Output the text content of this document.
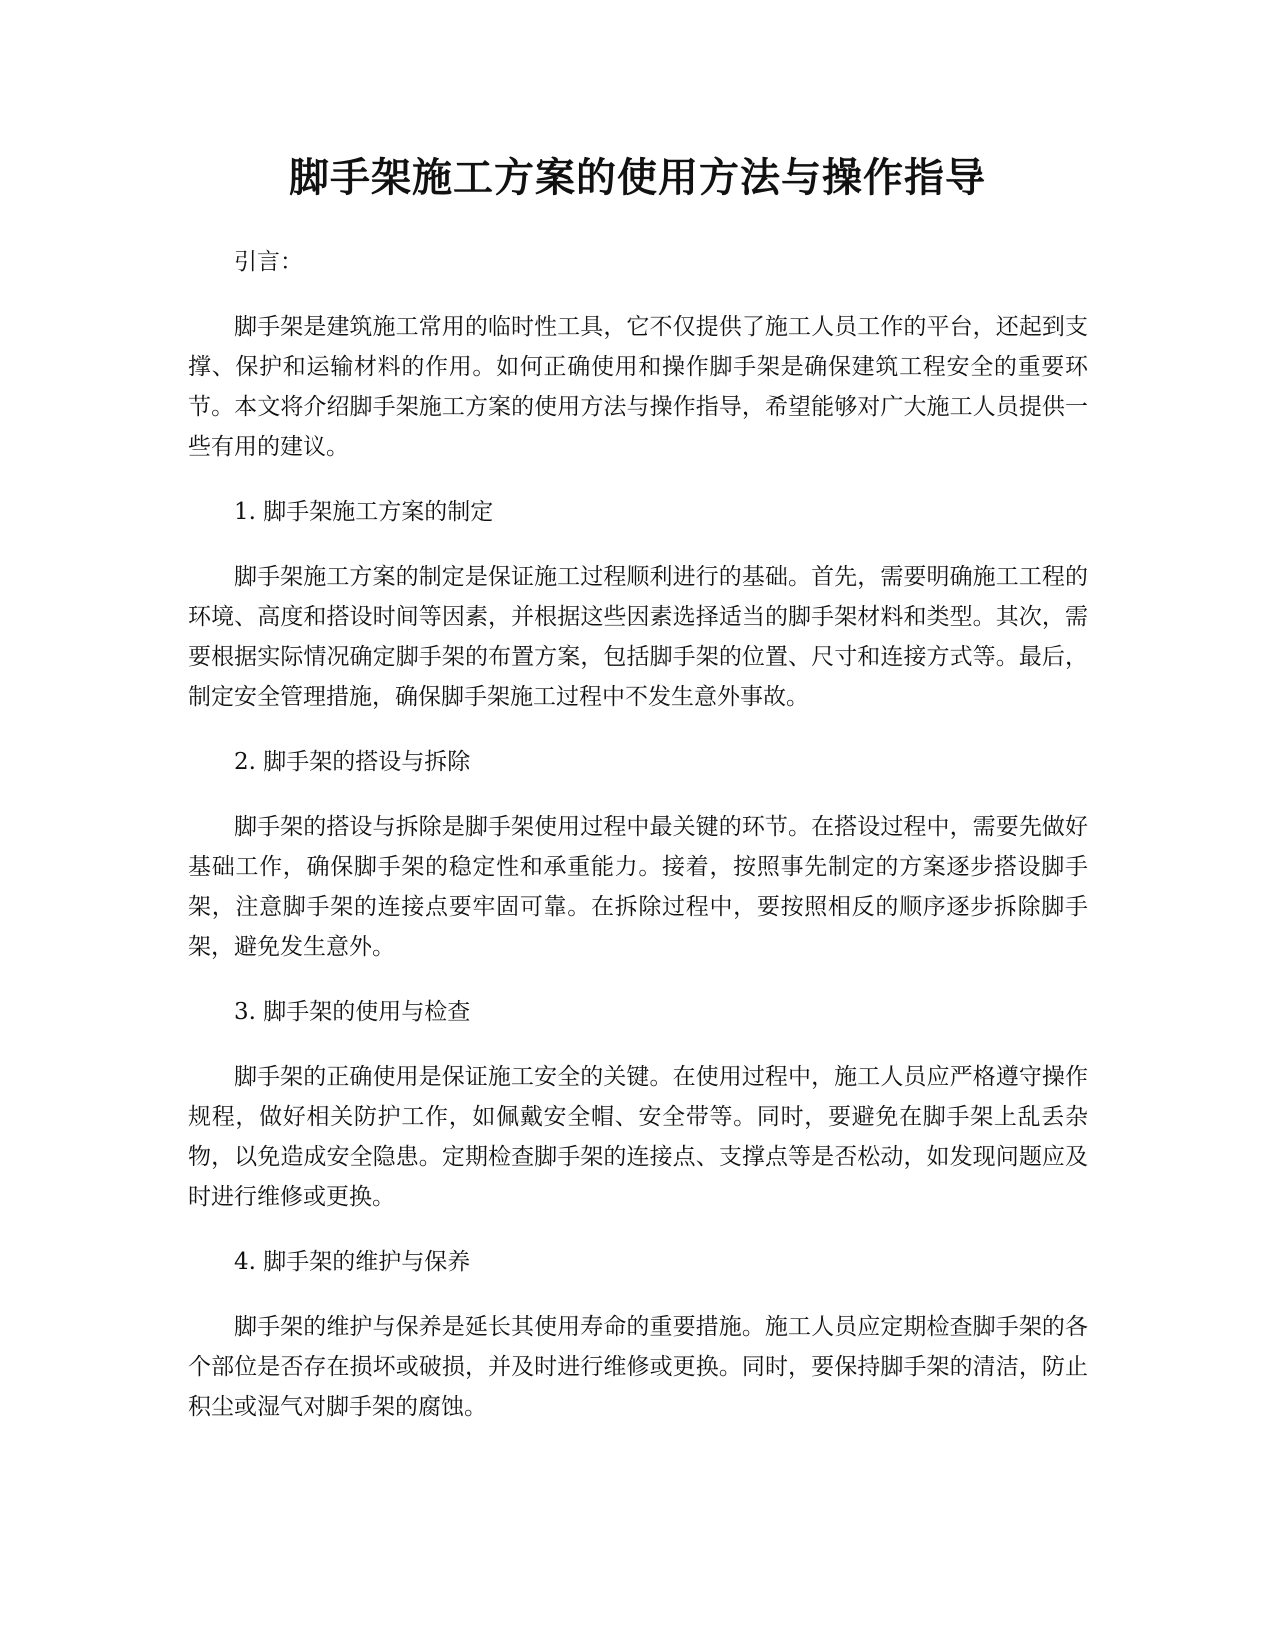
脚手架施工方案的使用方法与操作指导

引言：

脚手架是建筑施工常用的临时性工具，它不仅提供了施工人员工作的平台，还起到支撑、保护和运输材料的作用。如何正确使用和操作脚手架是确保建筑工程安全的重要环节。本文将介绍脚手架施工方案的使用方法与操作指导，希望能够对广大施工人员提供一些有用的建议。

1. 脚手架施工方案的制定

脚手架施工方案的制定是保证施工过程顺利进行的基础。首先，需要明确施工工程的环境、高度和搭设时间等因素，并根据这些因素选择适当的脚手架材料和类型。其次，需要根据实际情况确定脚手架的布置方案，包括脚手架的位置、尺寸和连接方式等。最后，制定安全管理措施，确保脚手架施工过程中不发生意外事故。

2. 脚手架的搭设与拆除

脚手架的搭设与拆除是脚手架使用过程中最关键的环节。在搭设过程中，需要先做好基础工作，确保脚手架的稳定性和承重能力。接着，按照事先制定的方案逐步搭设脚手架，注意脚手架的连接点要牢固可靠。在拆除过程中，要按照相反的顺序逐步拆除脚手架，避免发生意外。

3. 脚手架的使用与检查

脚手架的正确使用是保证施工安全的关键。在使用过程中，施工人员应严格遵守操作规程，做好相关防护工作，如佩戴安全帽、安全带等。同时，要避免在脚手架上乱丢杂物，以免造成安全隐患。定期检查脚手架的连接点、支撑点等是否松动，如发现问题应及时进行维修或更换。

4. 脚手架的维护与保养

脚手架的维护与保养是延长其使用寿命的重要措施。施工人员应定期检查脚手架的各个部位是否存在损坏或破损，并及时进行维修或更换。同时，要保持脚手架的清洁，防止积尘或湿气对脚手架的腐蚀。
